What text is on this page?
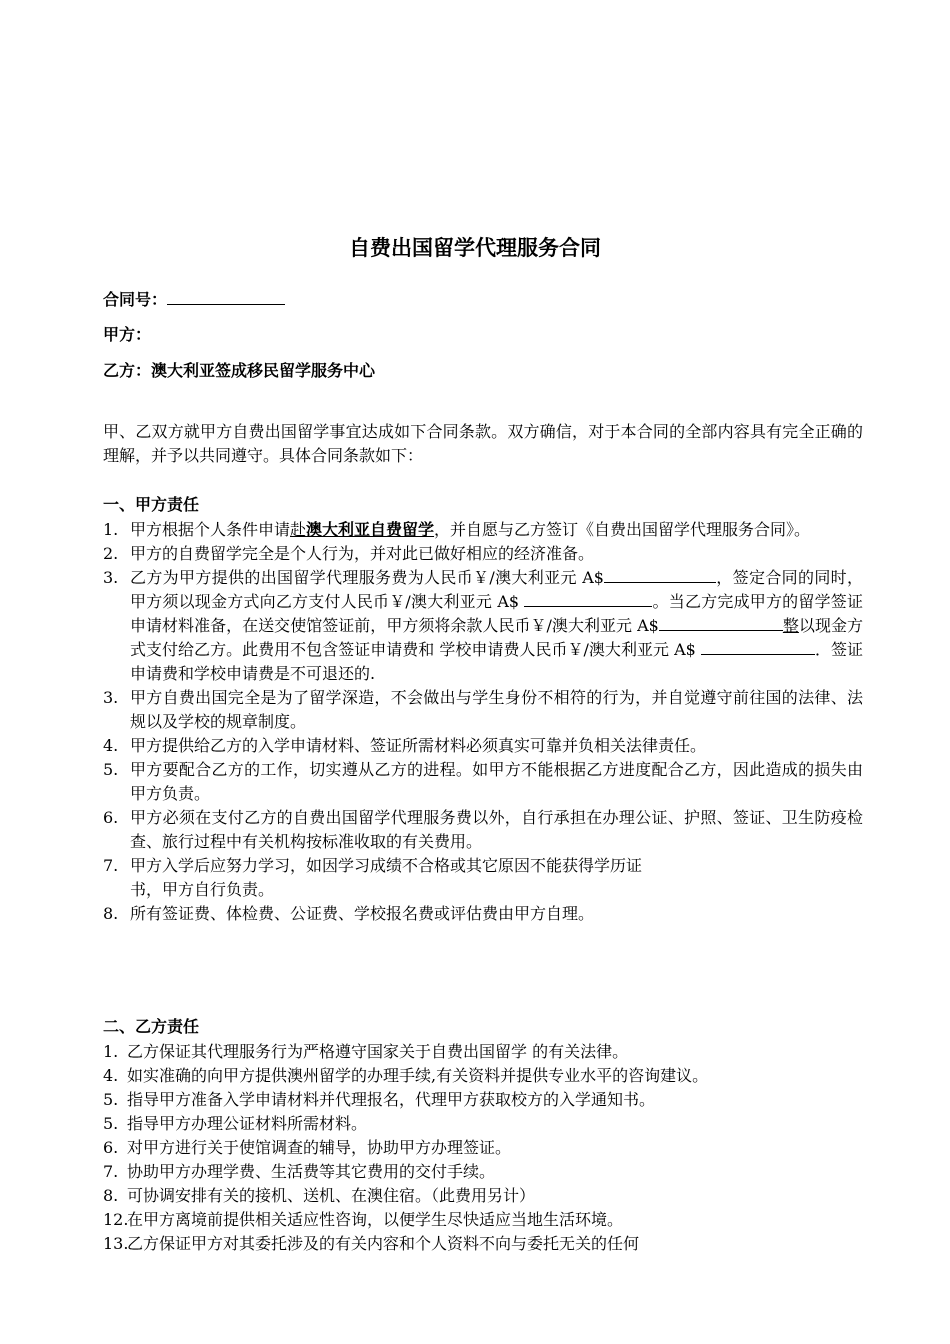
自费出国留学代理服务合同
合同号：
甲方：
乙方：澳大利亚签成移民留学服务中心
甲、乙双方就甲方自费出国留学事宜达成如下合同条款。双方确信，对于本合同的全部内容具有完全正确的理解，并予以共同遵守。具体合同条款如下：
一、甲方责任
1. 甲方根据个人条件申请赴澳大利亚自费留学，并自愿与乙方签订《自费出国留学代理服务合同》。
2. 甲方的自费留学完全是个人行为，并对此已做好相应的经济准备。
3. 乙方为甲方提供的出国留学代理服务费为人民币￥/澳大利亚元 A$	，签定合同的同时，甲方须以现金方式向乙方支付人民币￥/澳大利亚元 A$	。当乙方完成甲方的留学签证申请材料准备，在送交使馆签证前，甲方须将余款人民币￥/澳大利亚元 A$	整以现金方式支付给乙方。此费用不包含签证申请费和 学校申请费人民币￥/澳大利亚元 A$	．签证申请费和学校申请费是不可退还的.
3. 甲方自费出国完全是为了留学深造，不会做出与学生身份不相符的行为，并自觉遵守前往国的法律、法规以及学校的规章制度。
4. 甲方提供给乙方的入学申请材料、签证所需材料必须真实可靠并负相关法律责任。
5. 甲方要配合乙方的工作，切实遵从乙方的进程。如甲方不能根据乙方进度配合乙方，因此造成的损失由甲方负责。
6. 甲方必须在支付乙方的自费出国留学代理服务费以外，自行承担在办理公证、护照、签证、卫生防疫检查、旅行过程中有关机构按标准收取的有关费用。
7. 甲方入学后应努力学习，如因学习成绩不合格或其它原因不能获得学历证
书，甲方自行负责。
8. 所有签证费、体检费、公证费、学校报名费或评估费由甲方自理。
二、乙方责任
1. 乙方保证其代理服务行为严格遵守国家关于自费出国留学 的有关法律。
4. 如实准确的向甲方提供澳州留学的办理手续,有关资料并提供专业水平的咨询建议。
5. 指导甲方准备入学申请材料并代理报名，代理甲方获取校方的入学通知书。
5. 指导甲方办理公证材料所需材料。
6. 对甲方进行关于使馆调查的辅导，协助甲方办理签证。
7. 协助甲方办理学费、生活费等其它费用的交付手续。
8. 可协调安排有关的接机、送机、在澳住宿。（此费用另计）
12.
在甲方离境前提供相关适应性咨询，以便学生尽快适应当地生活环境。
13.
乙方保证甲方对其委托涉及的有关内容和个人资料不向与委托无关的任何
